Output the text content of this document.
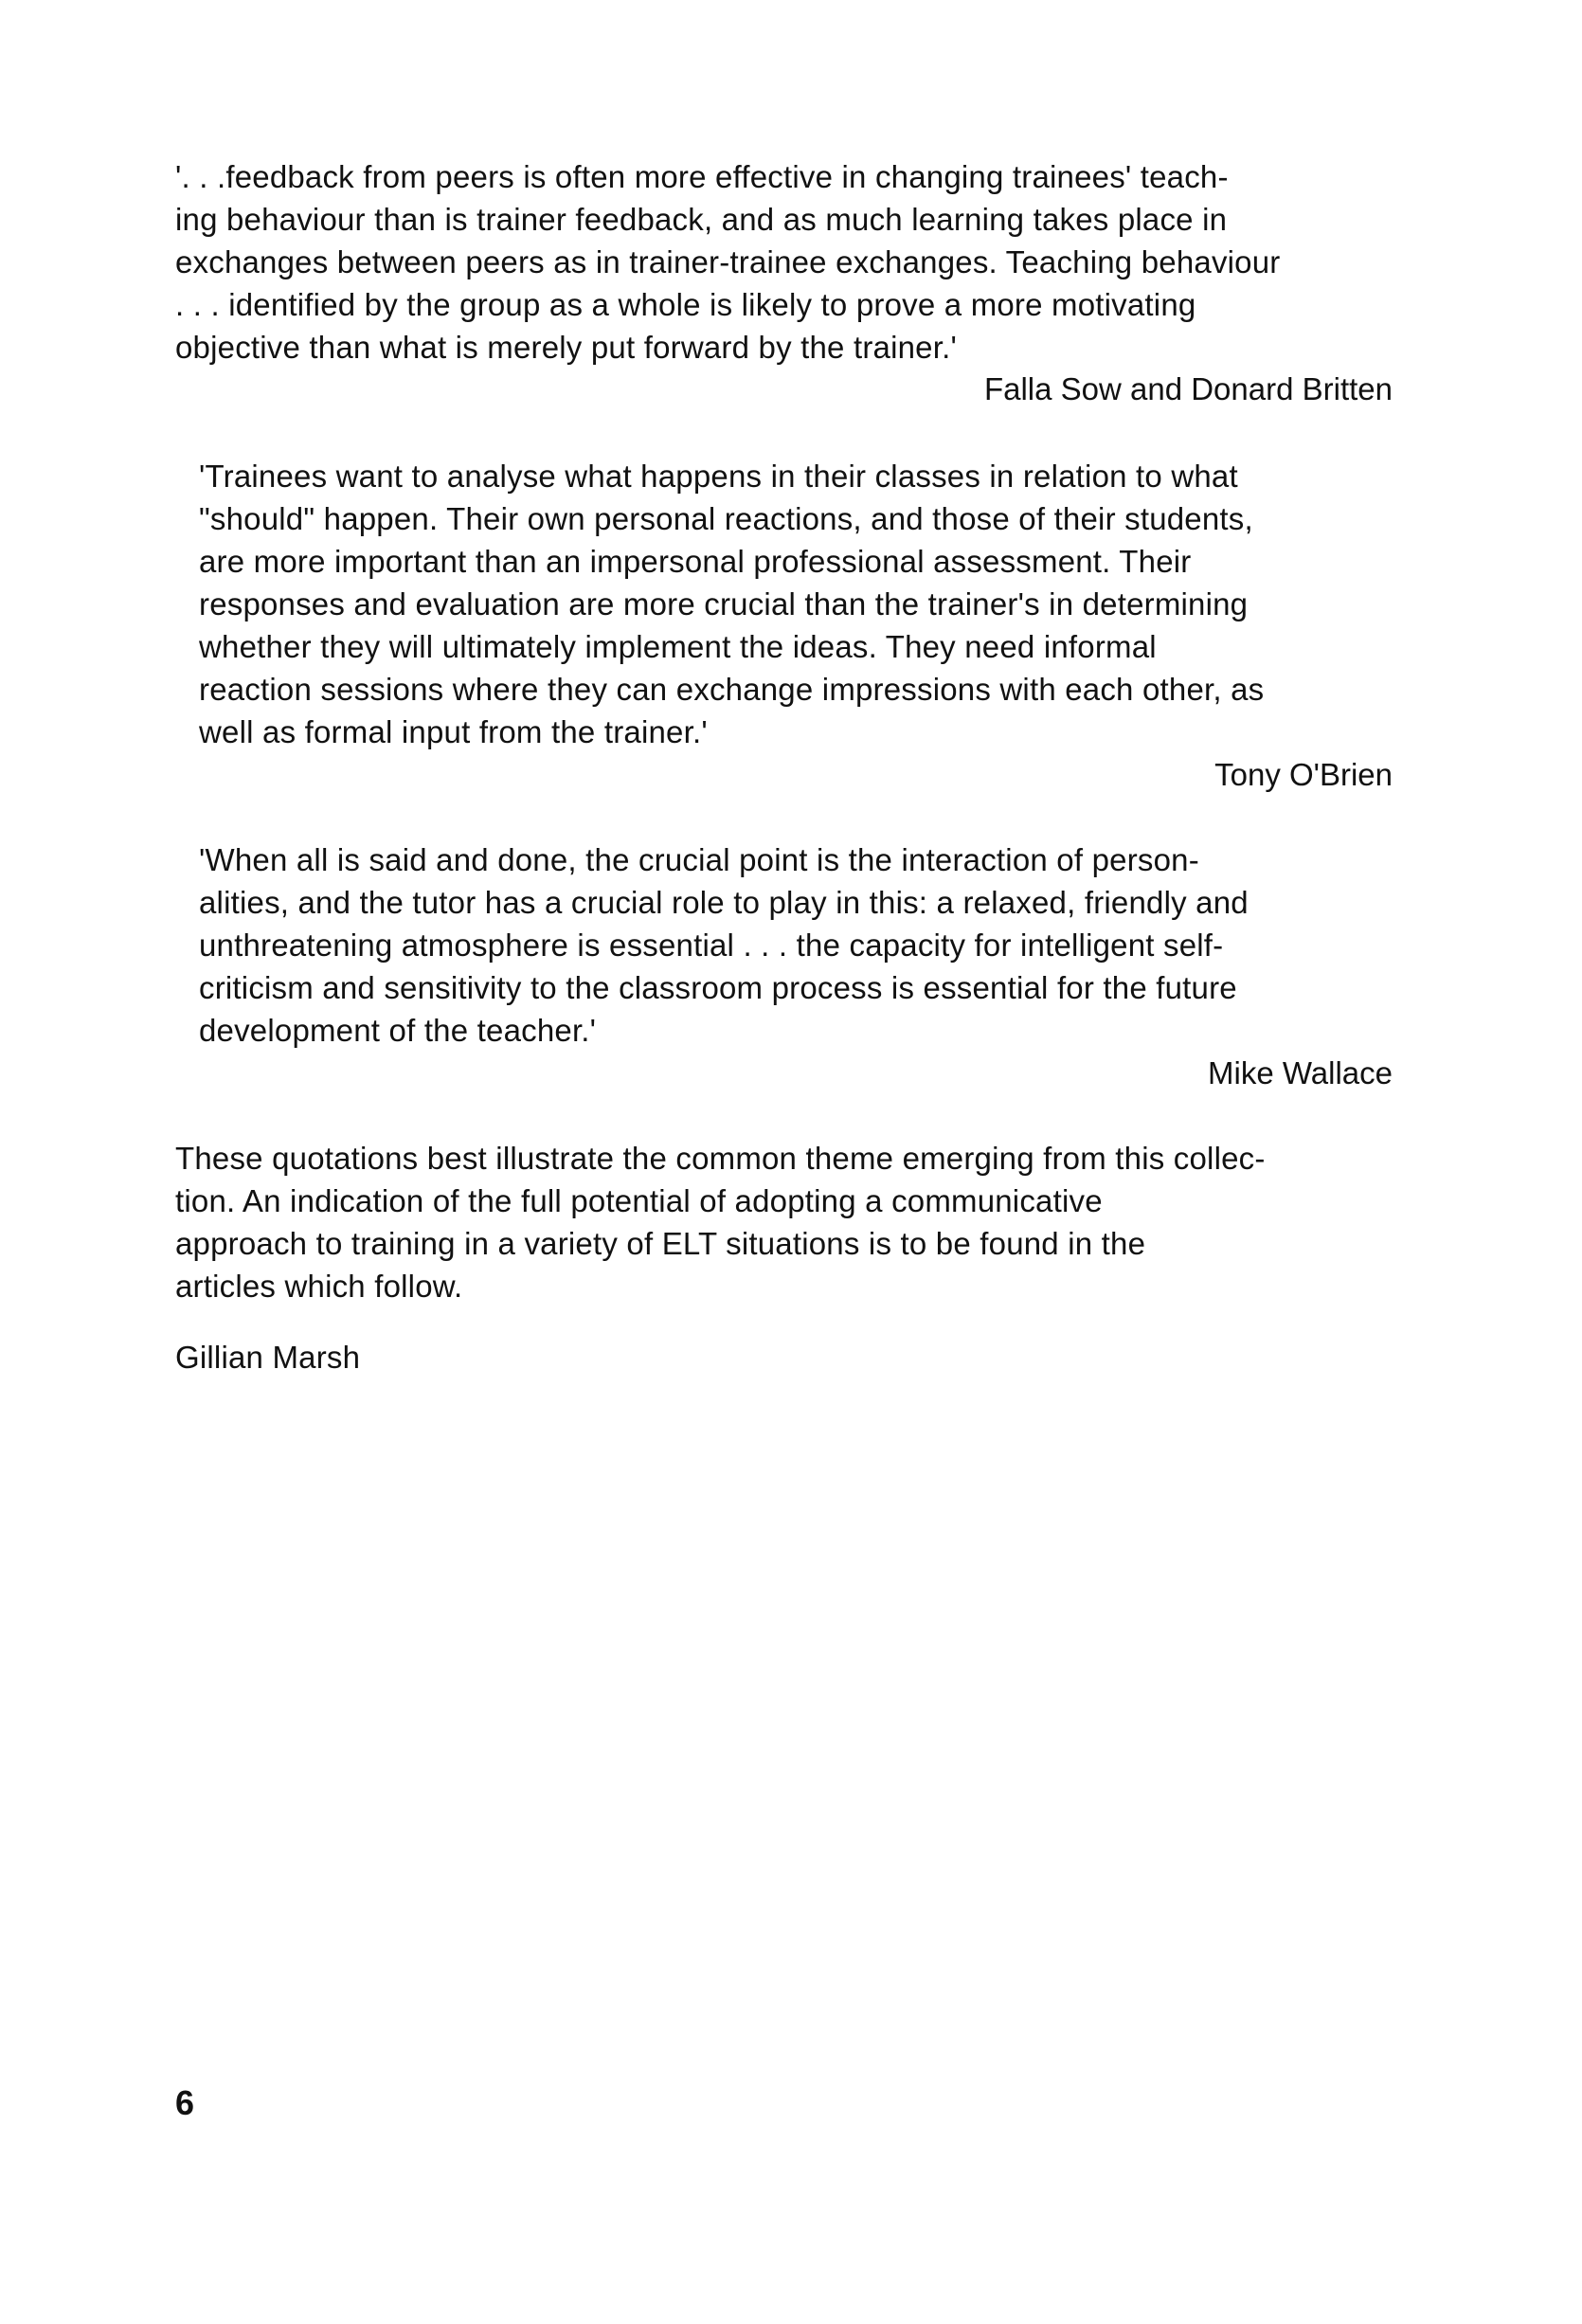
'. . .feedback from peers is often more effective in changing trainees' teach-
ing behaviour than is trainer feedback, and as much learning takes place in
exchanges between peers as in trainer-trainee exchanges. Teaching behaviour
. . . identified by the group as a whole is likely to prove a more motivating
objective than what is merely put forward by the trainer.'
Falla Sow and Donard Britten
'Trainees want to analyse what happens in their classes in relation to what
"should" happen. Their own personal reactions, and those of their students,
are more important than an impersonal professional assessment. Their
responses and evaluation are more crucial than the trainer's in determining
whether they will ultimately implement the ideas. They need informal
reaction sessions where they can exchange impressions with each other, as
well as formal input from the trainer.'
Tony O'Brien
'When all is said and done, the crucial point is the interaction of person-
alities, and the tutor has a crucial role to play in this: a relaxed, friendly and
unthreatening atmosphere is essential . . . the capacity for intelligent self-
criticism and sensitivity to the classroom process is essential for the future
development of the teacher.'
Mike Wallace
These quotations best illustrate the common theme emerging from this collec-
tion. An indication of the full potential of adopting a communicative
approach to training in a variety of ELT situations is to be found in the
articles which follow.
Gillian Marsh
6
